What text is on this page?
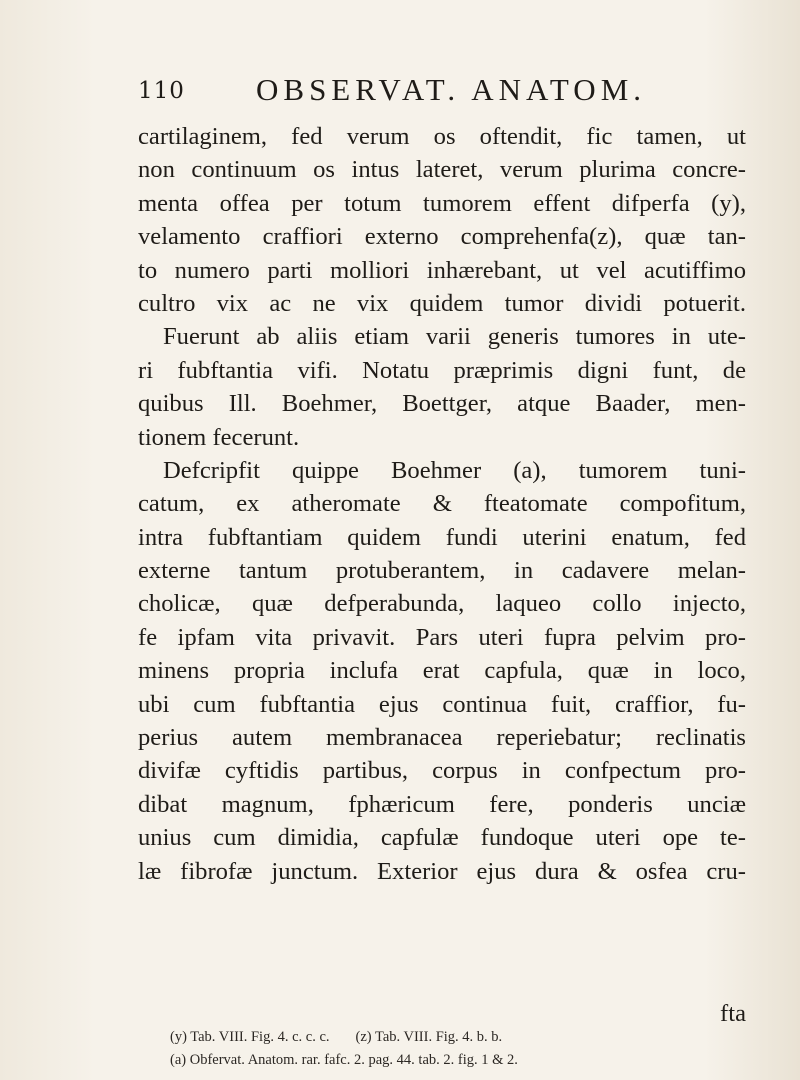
110 OBSERVAT. ANATOM.
cartilaginem, fed verum os oftendit, fic tamen, ut
non continuum os intus lateret, verum plurima concre-
menta offea per totum tumorem effent difperfa (y),
velamento craffiori externo comprehenfa(z), quæ tan-
to numero parti molliori inhærebant, ut vel acutiffimo
cultro vix ac ne vix quidem tumor dividi potuerit.
Fuerunt ab aliis etiam varii generis tumores in ute-
ri fubftantia vifi. Notatu præprimis digni funt, de
quibus Ill. Boehmer, Boettger, atque Baader, men-
tionem fecerunt.
Defcripfit quippe Boehmer (a), tumorem tuni-
catum, ex atheromate & fteatomate compofitum,
intra fubftantiam quidem fundi uterini enatum, fed
externe tantum protuberantem, in cadavere melan-
cholicæ, quæ defperabunda, laqueo collo injecto,
fe ipfam vita privavit. Pars uteri fupra pelvim pro-
minens propria inclufa erat capfula, quæ in loco,
ubi cum fubftantia ejus continua fuit, craffior, fu-
perius autem membranacea reperiebatur; reclinatis
divifæ cyftidis partibus, corpus in confpectum pro-
dibat magnum, fphæricum fere, ponderis unciæ
unius cum dimidia, capfulæ fundoque uteri ope te-
læ fibrofæ junctum. Exterior ejus dura & osfea cru-
fta
(y) Tab. VIII. Fig. 4. c. c. c. (z) Tab. VIII. Fig. 4. b. b.
(a) Obfervat. Anatom. rar. fafc. 2. pag. 44. tab. 2. fig. 1 & 2.
